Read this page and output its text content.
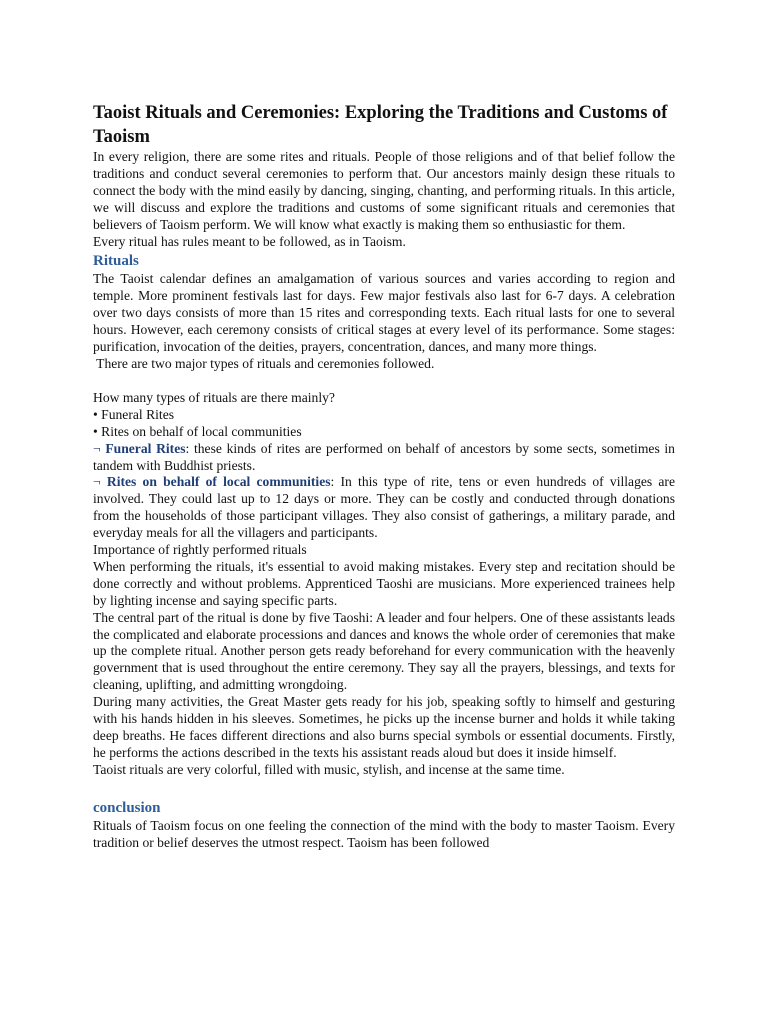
Taoist Rituals and Ceremonies: Exploring the Traditions and Customs of Taoism

In every religion, there are some rites and rituals. People of those religions and of that belief follow the traditions and conduct several ceremonies to perform that. Our ancestors mainly design these rituals to connect the body with the mind easily by dancing, singing, chanting, and performing rituals. In this article, we will discuss and explore the traditions and customs of some significant rituals and ceremonies that believers of Taoism perform. We will know what exactly is making them so enthusiastic for them.

Every ritual has rules meant to be followed, as in Taoism.

Rituals

The Taoist calendar defines an amalgamation of various sources and varies according to region and temple. More prominent festivals last for days. Few major festivals also last for 6-7 days. A celebration over two days consists of more than 15 rites and corresponding texts. Each ritual lasts for one to several hours. However, each ceremony consists of critical stages at every level of its performance. Some stages: purification, invocation of the deities, prayers, concentration, dances, and many more things.

There are two major types of rituals and ceremonies followed.

How many types of rituals are there mainly?

• Funeral Rites

• Rites on behalf of local communities

¬ Funeral Rites: these kinds of rites are performed on behalf of ancestors by some sects, sometimes in tandem with Buddhist priests.

¬ Rites on behalf of local communities: In this type of rite, tens or even hundreds of villages are involved. They could last up to 12 days or more. They can be costly and conducted through donations from the households of those participant villages. They also consist of gatherings, a military parade, and everyday meals for all the villagers and participants.

Importance of rightly performed rituals

When performing the rituals, it's essential to avoid making mistakes. Every step and recitation should be done correctly and without problems. Apprenticed Taoshi are musicians. More experienced trainees help by lighting incense and saying specific parts.

The central part of the ritual is done by five Taoshi: A leader and four helpers. One of these assistants leads the complicated and elaborate processions and dances and knows the whole order of ceremonies that make up the complete ritual. Another person gets ready beforehand for every communication with the heavenly government that is used throughout the entire ceremony. They say all the prayers, blessings, and texts for cleaning, uplifting, and admitting wrongdoing.

During many activities, the Great Master gets ready for his job, speaking softly to himself and gesturing with his hands hidden in his sleeves. Sometimes, he picks up the incense burner and holds it while taking deep breaths. He faces different directions and also burns special symbols or essential documents. Firstly, he performs the actions described in the texts his assistant reads aloud but does it inside himself.

Taoist rituals are very colorful, filled with music, stylish, and incense at the same time.

conclusion

Rituals of Taoism focus on one feeling the connection of the mind with the body to master Taoism. Every tradition or belief deserves the utmost respect. Taoism has been followed
